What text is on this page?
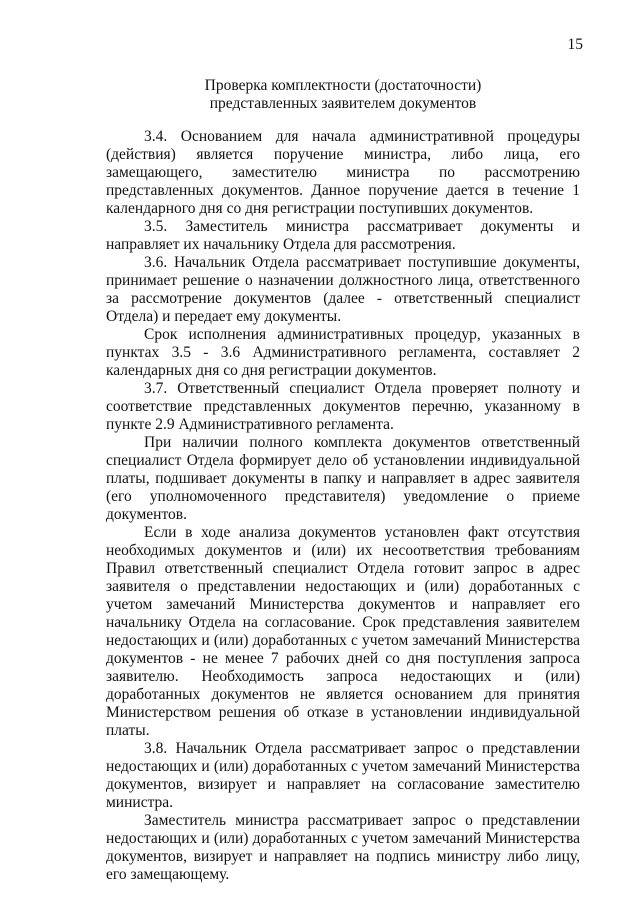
15
Проверка комплектности (достаточности)
представленных заявителем документов

3.4. Основанием для начала административной процедуры (действия) является поручение министра, либо лица, его замещающего, заместителю министра по рассмотрению представленных документов. Данное поручение дается в течение 1 календарного дня со дня регистрации поступивших документов.

3.5. Заместитель министра рассматривает документы и направляет их начальнику Отдела для рассмотрения.

3.6. Начальник Отдела рассматривает поступившие документы, принимает решение о назначении должностного лица, ответственного за рассмотрение документов (далее - ответственный специалист Отдела) и передает ему документы.

Срок исполнения административных процедур, указанных в пунктах 3.5 - 3.6 Административного регламента, составляет 2 календарных дня со дня регистрации документов.

3.7. Ответственный специалист Отдела проверяет полноту и соответствие представленных документов перечню, указанному в пункте 2.9 Административного регламента.

При наличии полного комплекта документов ответственный специалист Отдела формирует дело об установлении индивидуальной платы, подшивает документы в папку и направляет в адрес заявителя (его уполномоченного представителя) уведомление о приеме документов.

Если в ходе анализа документов установлен факт отсутствия необходимых документов и (или) их несоответствия требованиям Правил ответственный специалист Отдела готовит запрос в адрес заявителя о представлении недостающих и (или) доработанных с учетом замечаний Министерства документов и направляет его начальнику Отдела на согласование. Срок представления заявителем недостающих и (или) доработанных с учетом замечаний Министерства документов - не менее 7 рабочих дней со дня поступления запроса заявителю. Необходимость запроса недостающих и (или) доработанных документов не является основанием для принятия Министерством решения об отказе в установлении индивидуальной платы.

3.8. Начальник Отдела рассматривает запрос о представлении недостающих и (или) доработанных с учетом замечаний Министерства документов, визирует и направляет на согласование заместителю министра.

Заместитель министра рассматривает запрос о представлении недостающих и (или) доработанных с учетом замечаний Министерства документов, визирует и направляет на подпись министру либо лицу, его замещающему.
